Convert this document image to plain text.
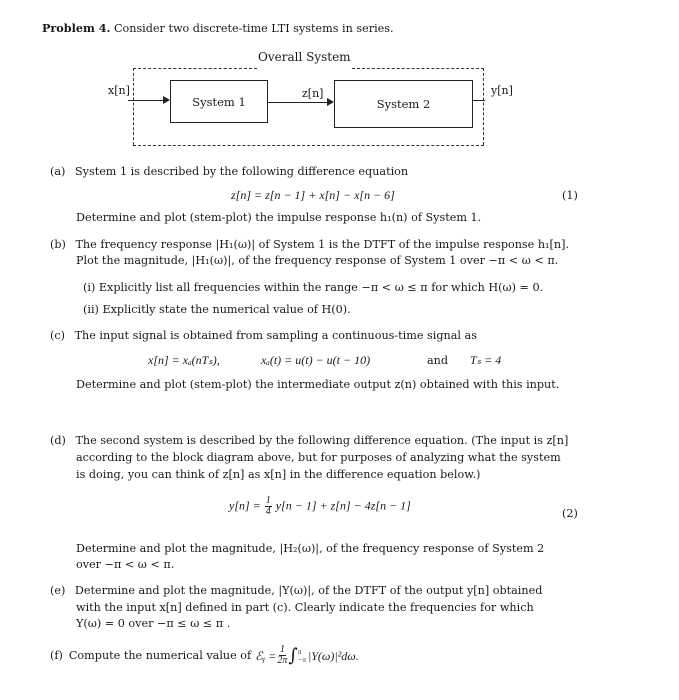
Problem 4. Consider two discrete-time LTI systems in series.
Overall System
x[n]	z[n]	y[n]
System 1	System 2
(a) System 1 is described by the following difference equation
z[n] = z[n − 1] + x[n] − x[n − 6]	(1)
Determine and plot (stem-plot) the impulse response h₁(n) of System 1.
(b) The frequency response |H₁(ω)| of System 1 is the DTFT of the impulse response h₁[n].
Plot the magnitude, |H₁(ω)|, of the frequency response of System 1 over −π < ω < π.
(i) Explicitly list all frequencies within the range −π < ω ≤ π for which H(ω) = 0.
(ii) Explicitly state the numerical value of H(0).
(c) The input signal is obtained from sampling a continuous-time signal as
x[n] = xₐ(nTₛ),	xₐ(t) = u(t) − u(t − 10)	and Tₛ = 4
Determine and plot (stem-plot) the intermediate output z(n) obtained with this input.
(d) The second system is described by the following difference equation. (The input is z[n]
according to the block diagram above, but for purposes of analyzing what the system
is doing, you can think of z[n] as x[n] in the difference equation below.)
$y[n] = \frac{1}{4} y[n - 1] + z[n] - 4z[n - 1]$
(2)
Determine and plot the magnitude, |H₂(ω)|, of the frequency response of System 2
over −π < ω < π.
(e) Determine and plot the magnitude, |Y(ω)|, of the DTFT of the output y[n] obtained
with the input x[n] defined in part (c). Clearly indicate the frequencies for which
Y(ω) = 0 over −π ≤ ω ≤ π .
(f) Compute the numerical value of ℰᵧ = $\frac{1}{2\pi}$ ∫ π
−π |Y(ω)|²dω.
